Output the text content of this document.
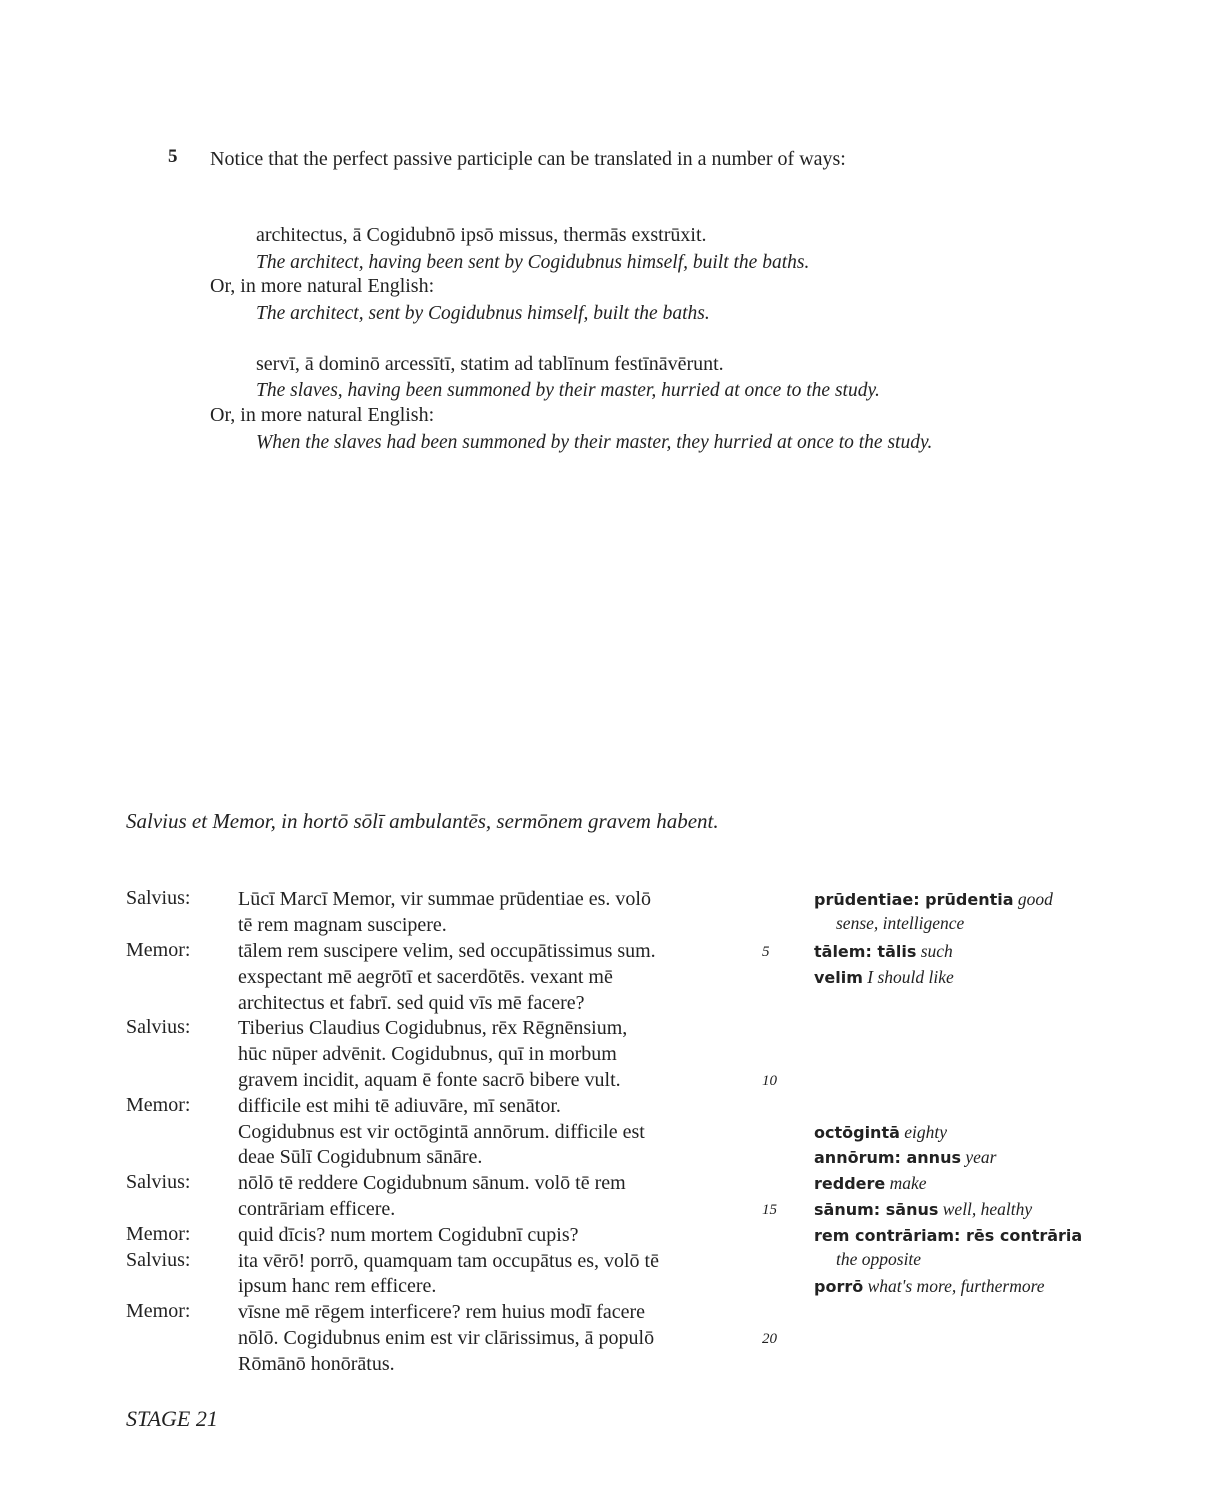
5 Notice that the perfect passive participle can be translated in a number of ways:
architectus, ā Cogidubnō ipsō missus, thermās exstrūxit.
The architect, having been sent by Cogidubnus himself, built the baths.
Or, in more natural English:
The architect, sent by Cogidubnus himself, built the baths.
servī, ā dominō arcessītī, statim ad tablīnum festīnāvērunt.
The slaves, having been summoned by their master, hurried at once to the study.
Or, in more natural English:
When the slaves had been summoned by their master, they hurried at once to the study.
Salvius et Memor, in hortō sōlī ambulantēs, sermōnem gravem habent.
Salvius:
Memor:
Salvius:
Memor:
Salvius:
Memor:
Salvius:
Memor:
Lūcī Marcī Memor, vir summae prūdentiae es. volō
tē rem magnam suscipere.
tālem rem suscipere velim, sed occupātissimus sum.
exspectant mē aegrōtī et sacerdōtēs. vexant mē
architectus et fabrī. sed quid vīs mē facere?
Tiberius Claudius Cogidubnus, rēx Rēgnēnsium,
hūc nūper advēnit. Cogidubnus, quī in morbum
gravem incidit, aquam ē fonte sacrō bibere vult.
difficile est mihi tē adiuvāre, mī senātor.
Cogidubnus est vir octōgintā annōrum. difficile est
deae Sūlī Cogidubnum sānāre.
nōlō tē reddere Cogidubnum sānum. volō tē rem
contrāriam efficere.
quid dīcis? num mortem Cogidubnī cupis?
ita vērō! porrō, quamquam tam occupātus es, volō tē
ipsum hanc rem efficere.
vīsne mē rēgem interficere? rem huius modī facere
nōlō. Cogidubnus enim est vir clārissimus, ā populō
Rōmānō honōrātus.
5
10
15
20
prūdentiae: prūdentia good
sense, intelligence
tālem: tālis such
velim I should like
octōgintā eighty
annōrum: annus year
reddere make
sānum: sānus well, healthy
rem contrāriam: rēs contrāria
the opposite
porrō what's more, furthermore
STAGE 21
